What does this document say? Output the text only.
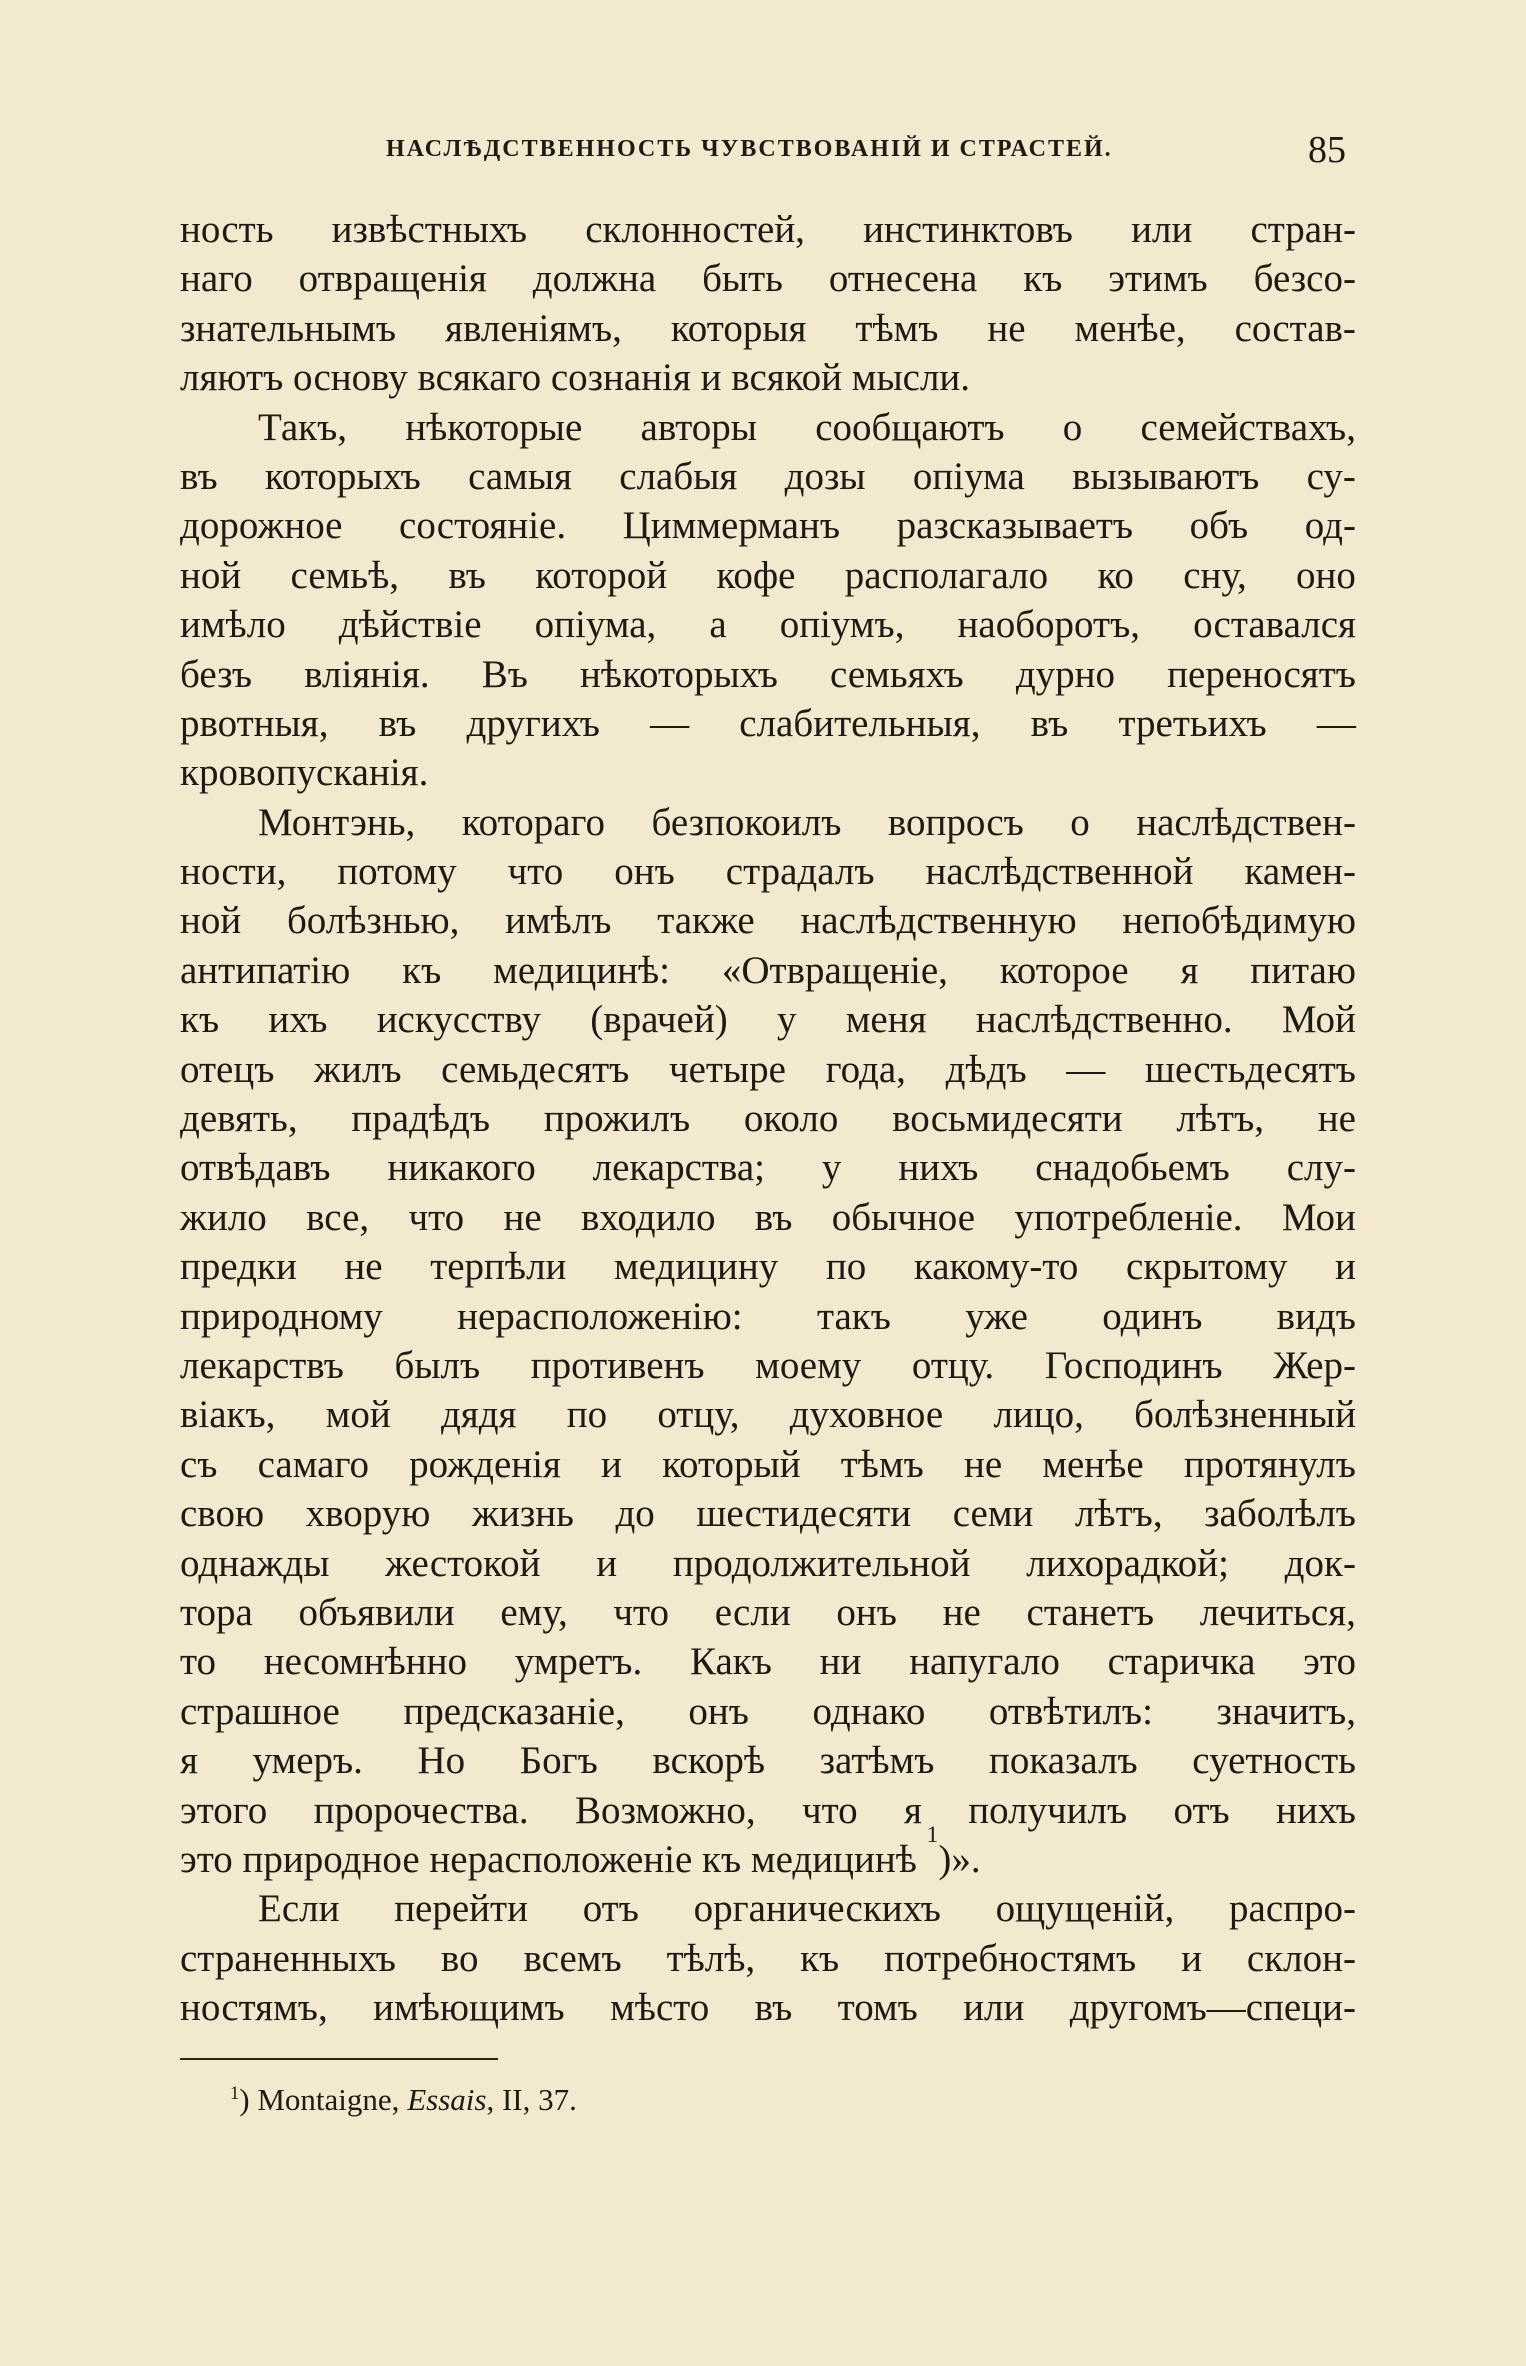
НАСЛѢДСТВЕННОСТЬ ЧУВСТВОВАНІЙ И СТРАСТЕЙ.	85
ность извѣстныхъ склонностей, инстинктовъ или стран-
наго отвращенія должна быть отнесена къ этимъ безсо-
знательнымъ явленіямъ, которыя тѣмъ не менѣе, состав-
ляютъ основу всякаго сознанія и всякой мысли.
Такъ, нѣкоторые авторы сообщаютъ о семействахъ,
въ которыхъ самыя слабыя дозы опіума вызываютъ су-
дорожное состояніе. Циммерманъ разсказываетъ объ од-
ной семьѣ, въ которой кофе располагало ко сну, оно
имѣло дѣйствіе опіума, а опіумъ, наоборотъ, оставался
безъ вліянія. Въ нѣкоторыхъ семьяхъ дурно переносятъ
рвотныя, въ другихъ — слабительныя, въ третьихъ —
кровопусканія.
Монтэнь, котораго безпокоилъ вопросъ о наслѣдствен-
ности, потому что онъ страдалъ наслѣдственной камен-
ной болѣзнью, имѣлъ также наслѣдственную непобѣдимую
антипатію къ медицинѣ: «Отвращеніе, которое я питаю
къ ихъ искусству (врачей) у меня наслѣдственно. Мой
отецъ жилъ семьдесятъ четыре года, дѣдъ — шестьдесятъ
девять, прадѣдъ прожилъ около восьмидесяти лѣтъ, не
отвѣдавъ никакого лекарства; у нихъ снадобьемъ слу-
жило все, что не входило въ обычное употребленіе. Мои
предки не терпѣли медицину по какому-то скрытому и
природному нерасположенію: такъ уже одинъ видъ
лекарствъ былъ противенъ моему отцу. Господинъ Жер-
віакъ, мой дядя по отцу, духовное лицо, болѣзненный
съ самаго рожденія и который тѣмъ не менѣе протянулъ
свою хворую жизнь до шестидесяти семи лѣтъ, заболѣлъ
однажды жестокой и продолжительной лихорадкой; док-
тора объявили ему, что если онъ не станетъ лечиться,
то несомнѣнно умретъ. Какъ ни напугало старичка это
страшное предсказаніе, онъ однако отвѣтилъ: значитъ,
я умеръ. Но Богъ вскорѣ затѣмъ показалъ суетность
этого пророчества. Возможно, что я получилъ отъ нихъ
это природное нерасположеніе къ медицинѣ

1
)».
Если перейти отъ органическихъ ощущеній, распро-
страненныхъ во всемъ тѣлѣ, къ потребностямъ и склон-
ностямъ, имѣющимъ мѣсто въ томъ или другомъ—специ-
$^1$) Montaigne, Essais, II, 37.
